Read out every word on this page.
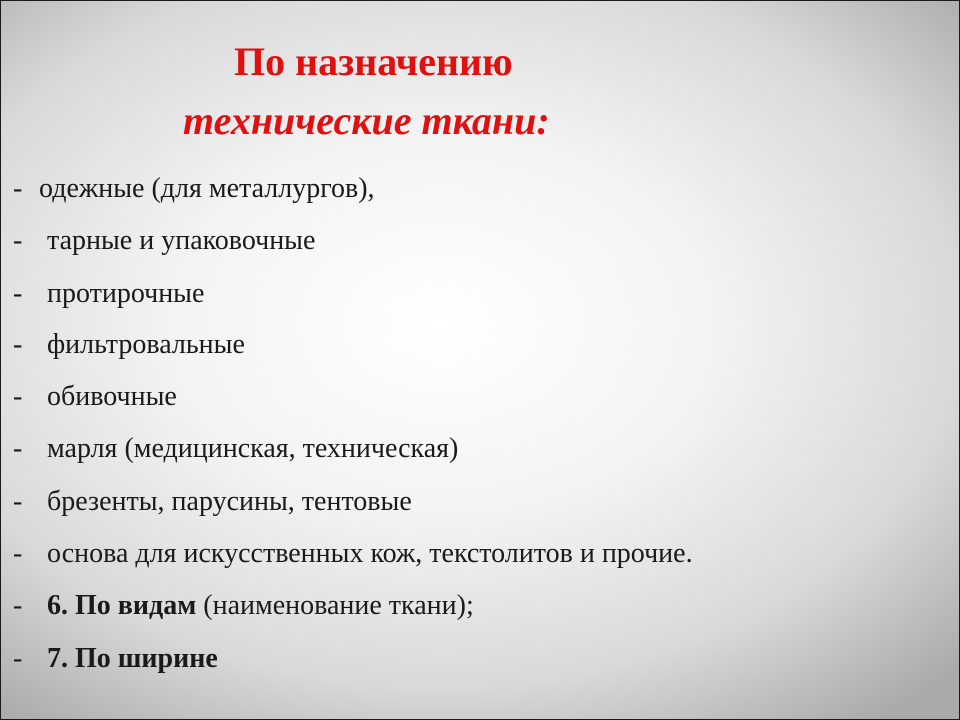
По назначению
технические ткани:
- одежные (для металлургов),
- тарные и упаковочные
- протирочные
- фильтровальные
- обивочные
- марля (медицинская, техническая)
- брезенты, парусины, тентовые
- основа для искусственных кож, текстолитов и прочие.
- 6. По видам (наименование ткани);
- 7. По ширине
